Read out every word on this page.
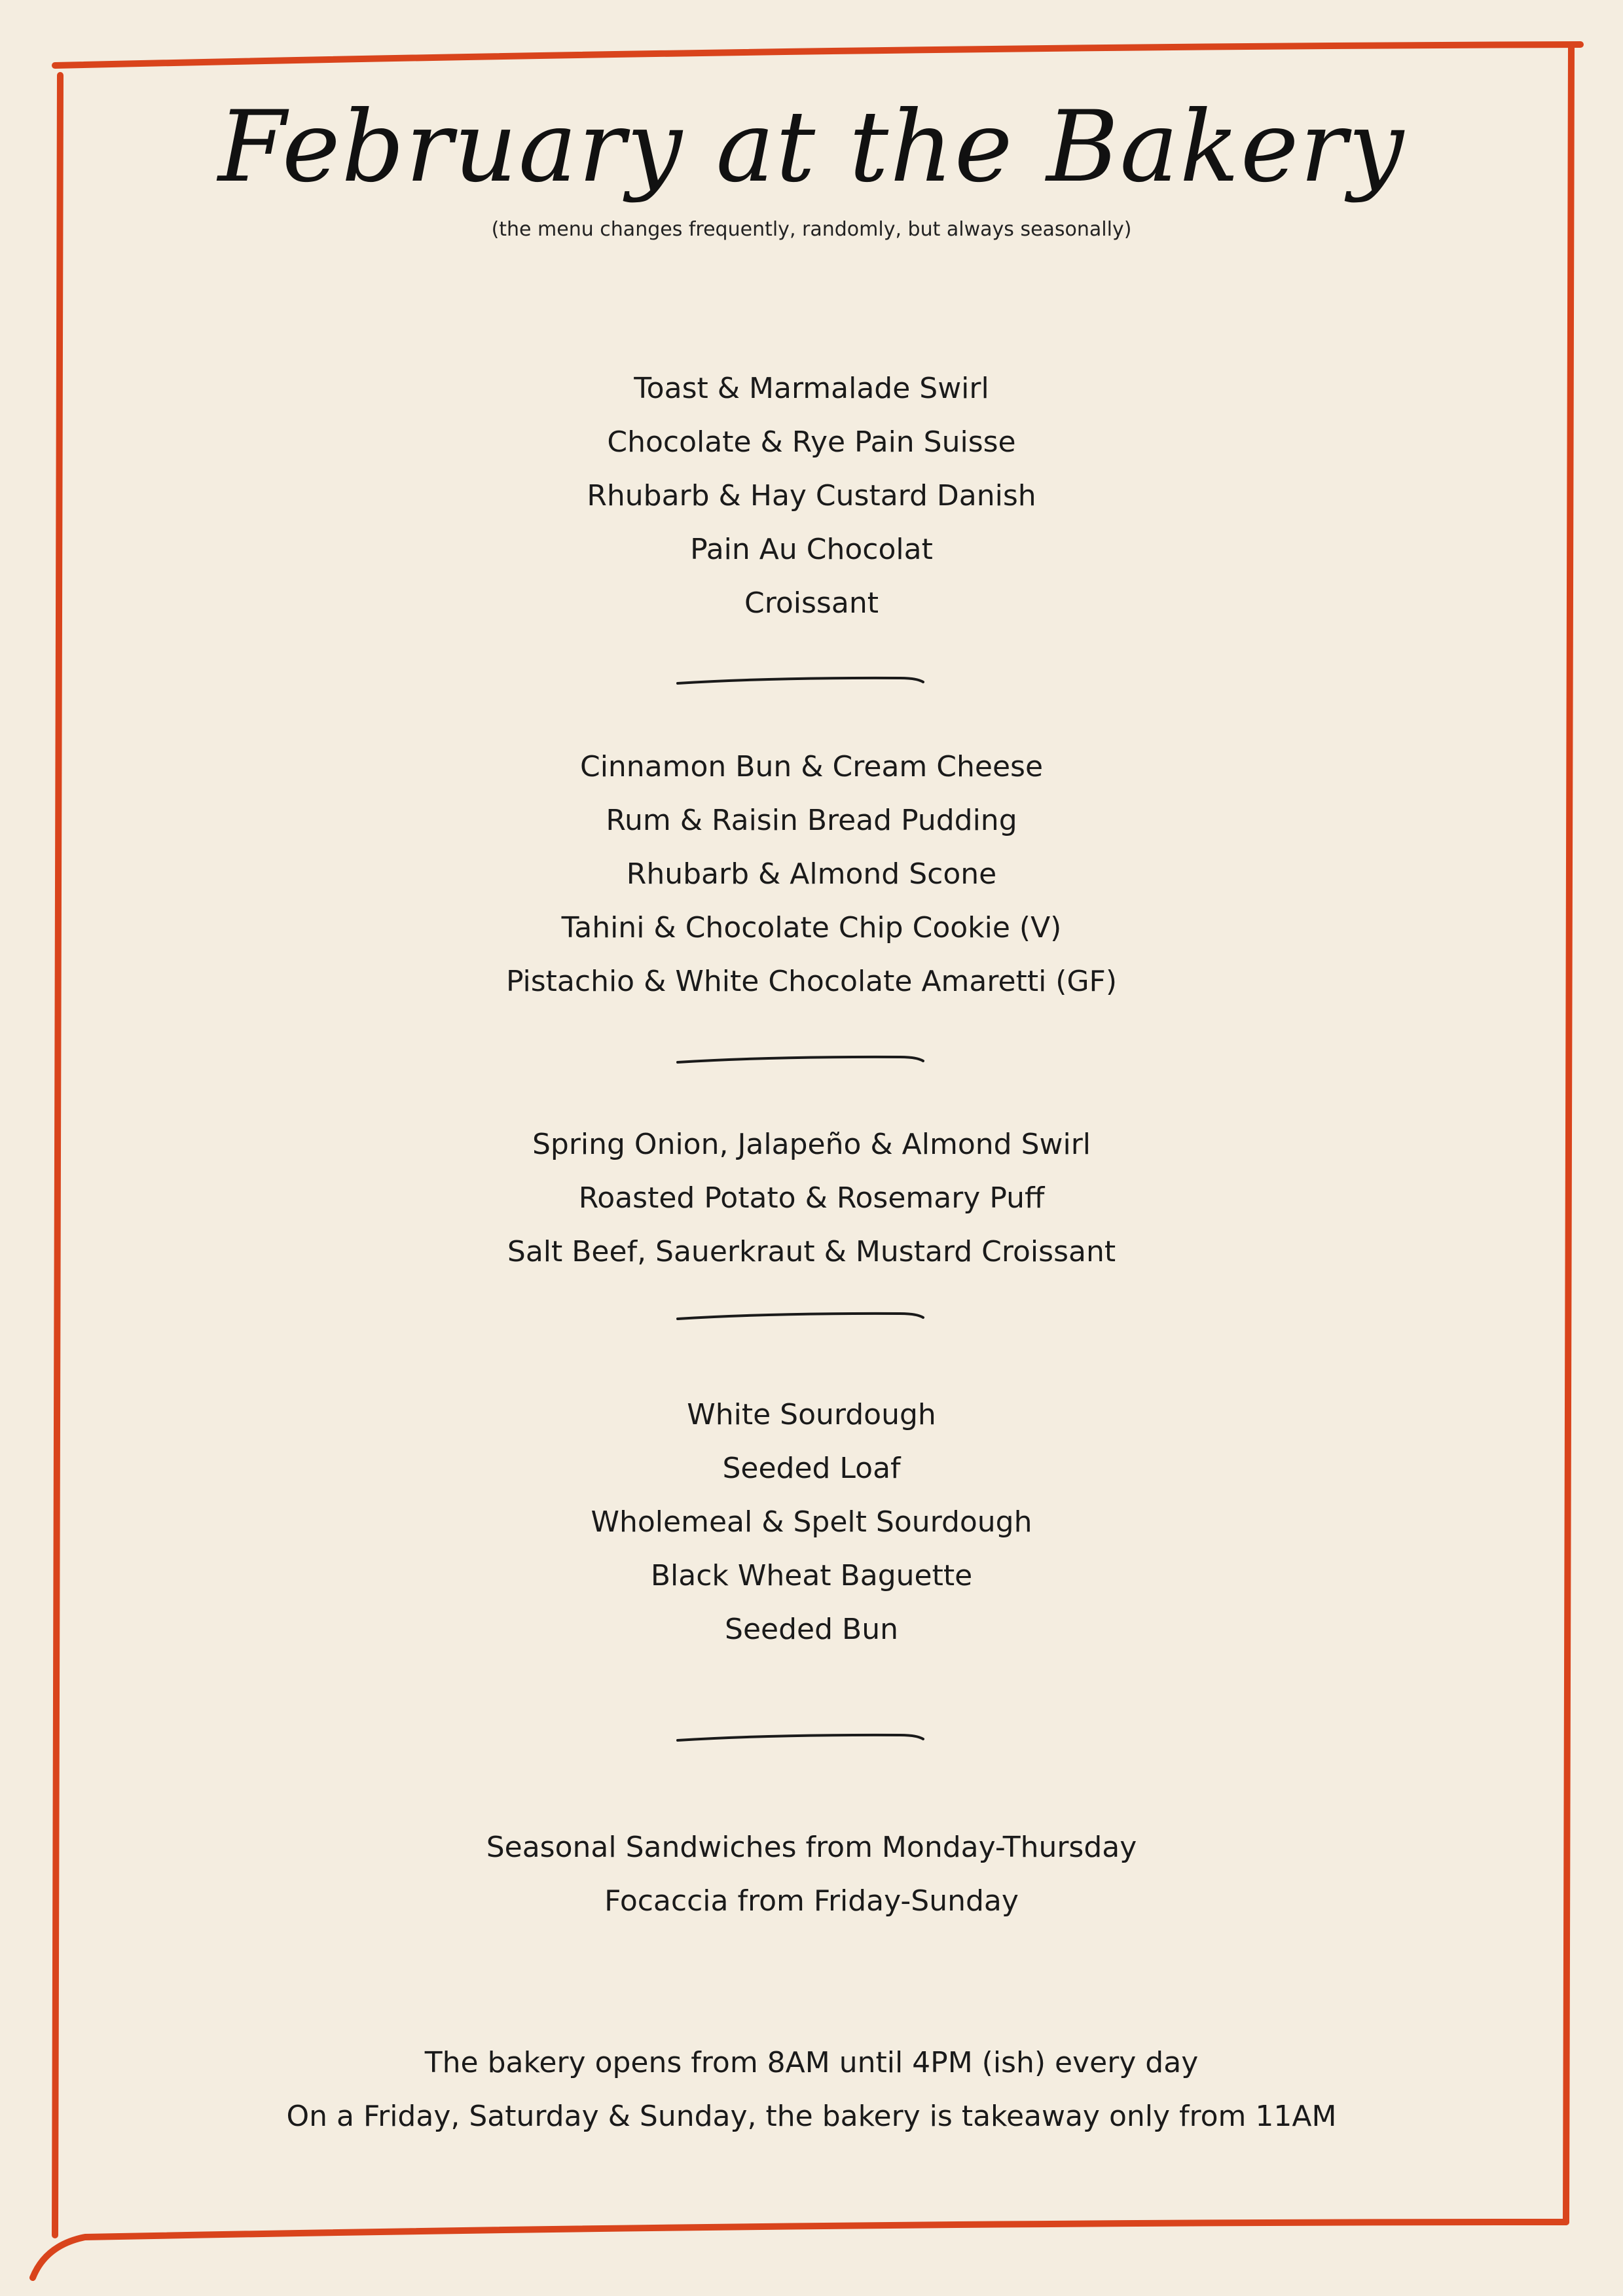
February at the Bakery
(the menu changes frequently, randomly, but always seasonally)
Toast & Marmalade Swirl
Chocolate & Rye Pain Suisse
Rhubarb & Hay Custard Danish
Pain Au Chocolat
Croissant
Cinnamon Bun & Cream Cheese
Rum & Raisin Bread Pudding
Rhubarb & Almond Scone
Tahini & Chocolate Chip Cookie (V)
Pistachio & White Chocolate Amaretti (GF)
Spring Onion, Jalapeño & Almond Swirl
Roasted Potato & Rosemary Puff
Salt Beef, Sauerkraut & Mustard Croissant
White Sourdough
Seeded Loaf
Wholemeal & Spelt Sourdough
Black Wheat Baguette
Seeded Bun
Seasonal Sandwiches from Monday-Thursday
Focaccia from Friday-Sunday
The bakery opens from 8AM until 4PM (ish) every day
On a Friday, Saturday & Sunday, the bakery is takeaway only from 11AM
